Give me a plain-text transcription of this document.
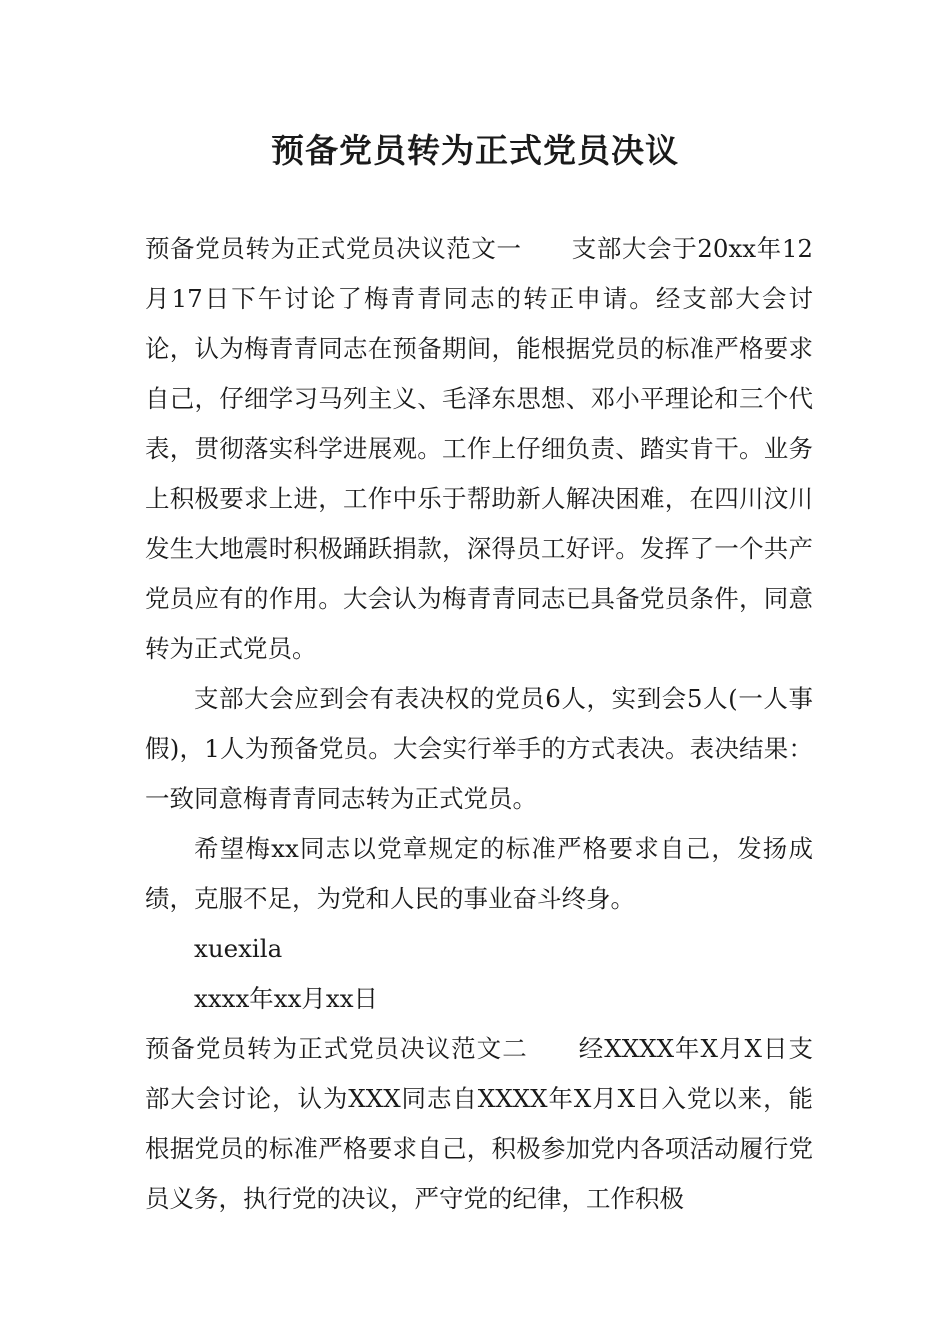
预备党员转为正式党员决议

预备党员转为正式党员决议范文一　　支部大会于20xx年12月17日下午讨论了梅青青同志的转正申请。经支部大会讨论，认为梅青青同志在预备期间，能根据党员的标准严格要求自己，仔细学习马列主义、毛泽东思想、邓小平理论和三个代表，贯彻落实科学进展观。工作上仔细负责、踏实肯干。业务上积极要求上进，工作中乐于帮助新人解决困难，在四川汶川发生大地震时积极踊跃捐款，深得员工好评。发挥了一个共产党员应有的作用。大会认为梅青青同志已具备党员条件，同意转为正式党员。

支部大会应到会有表决权的党员6人，实到会5人(一人事假)，1人为预备党员。大会实行举手的方式表决。表决结果：一致同意梅青青同志转为正式党员。

希望梅xx同志以党章规定的标准严格要求自己，发扬成绩，克服不足，为党和人民的事业奋斗终身。

xuexila

xxxx年xx月xx日

预备党员转为正式党员决议范文二　　经XXXX年X月X日支部大会讨论，认为XXX同志自XXXX年X月X日入党以来，能根据党员的标准严格要求自己，积极参加党内各项活动履行党员义务，执行党的决议，严守党的纪律，工作积极
